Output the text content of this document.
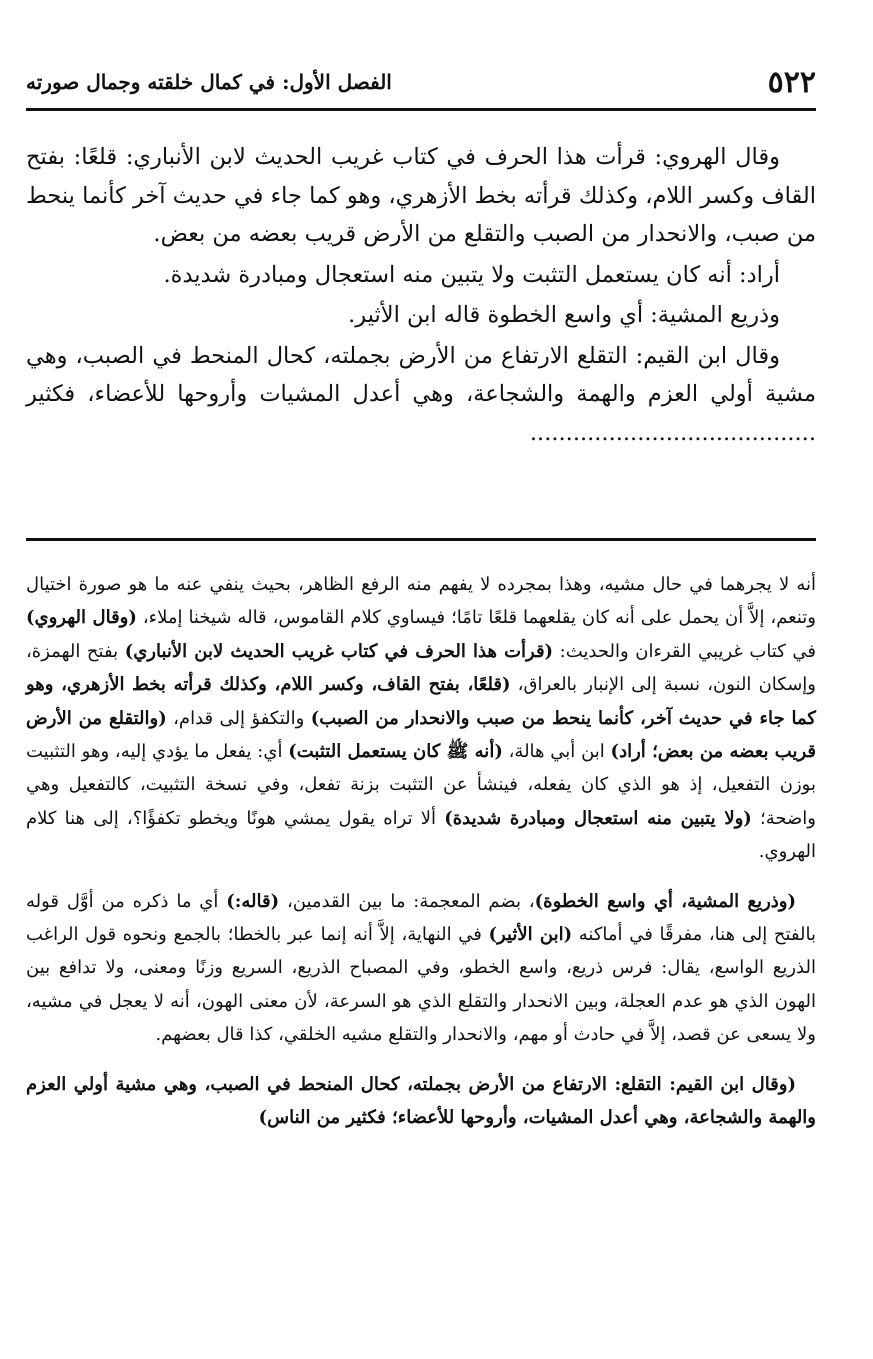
٥٢٢
الفصل الأول: في كمال خلقته وجمال صورته

وقال الهروي: قرأت هذا الحرف في كتاب غريب الحديث لابن الأنباري: قلعًا: بفتح القاف وكسر اللام، وكذلك قرأته بخط الأزهري، وهو كما جاء في حديث آخر كأنما ينحط من صبب، والانحدار من الصبب والتقلع من الأرض قريب بعضه من بعض.

أراد: أنه كان يستعمل التثبت ولا يتبين منه استعجال ومبادرة شديدة.

وذريع المشية: أي واسع الخطوة قاله ابن الأثير.

وقال ابن القيم: التقلع الارتفاع من الأرض بجملته، كحال المنحط في الصبب، وهي مشية أولي العزم والهمة والشجاعة، وهي أعدل المشيات وأروحها للأعضاء، فكثير ........................................

أنه لا يجرهما في حال مشيه، وهذا بمجرده لا يفهم منه الرفع الظاهر، بحيث ينفي عنه ما هو صورة اختيال وتنعم، إلاَّ أن يحمل على أنه كان يقلعهما قلعًا تامًا؛ فيساوي كلام القاموس، قاله شيخنا إملاء، (وقال الهروي) في كتاب غريبي القرءان والحديث: (قرأت هذا الحرف في كتاب غريب الحديث لابن الأنباري) بفتح الهمزة، وإسكان النون، نسبة إلى الإنبار بالعراق، (قلعًا، بفتح القاف، وكسر اللام، وكذلك قرأته بخط الأزهري، وهو كما جاء في حديث آخر، كأنما ينحط من صبب والانحدار من الصبب) والتكفؤ إلى قدام، (والتقلع من الأرض قريب بعضه من بعض؛ أراد) ابن أبي هالة، (أنه ﷺ كان يستعمل التثبت) أي: يفعل ما يؤدي إليه، وهو التثبيت بوزن التفعيل، إذ هو الذي كان يفعله، فينشأ عن التثبت بزنة تفعل، وفي نسخة التثبيت، كالتفعيل وهي واضحة؛ (ولا يتبين منه استعجال ومبادرة شديدة) ألا تراه يقول يمشي هونًا ويخطو تكفؤًا؟، إلى هنا كلام الهروي.

(وذريع المشية، أي واسع الخطوة)، بضم المعجمة: ما بين القدمين، (قاله:) أي ما ذكره من أوَّل قوله بالفتح إلى هنا، مفرقًا في أماكنه (ابن الأثير) في النهاية، إلاَّ أنه إنما عبر بالخطا؛ بالجمع ونحوه قول الراغب الذريع الواسع، يقال: فرس ذريع، واسع الخطو، وفي المصباح الذريع، السريع وزنًا ومعنى، ولا تدافع بين الهون الذي هو عدم العجلة، وبين الانحدار والتقلع الذي هو السرعة، لأن معنى الهون، أنه لا يعجل في مشيه، ولا يسعى عن قصد، إلاَّ في حادث أو مهم، والانحدار والتقلع مشيه الخلقي، كذا قال بعضهم.

(وقال ابن القيم: التقلع: الارتفاع من الأرض بجملته، كحال المنحط في الصبب، وهي مشية أولي العزم والهمة والشجاعة، وهي أعدل المشيات، وأروحها للأعضاء؛ فكثير من الناس)
